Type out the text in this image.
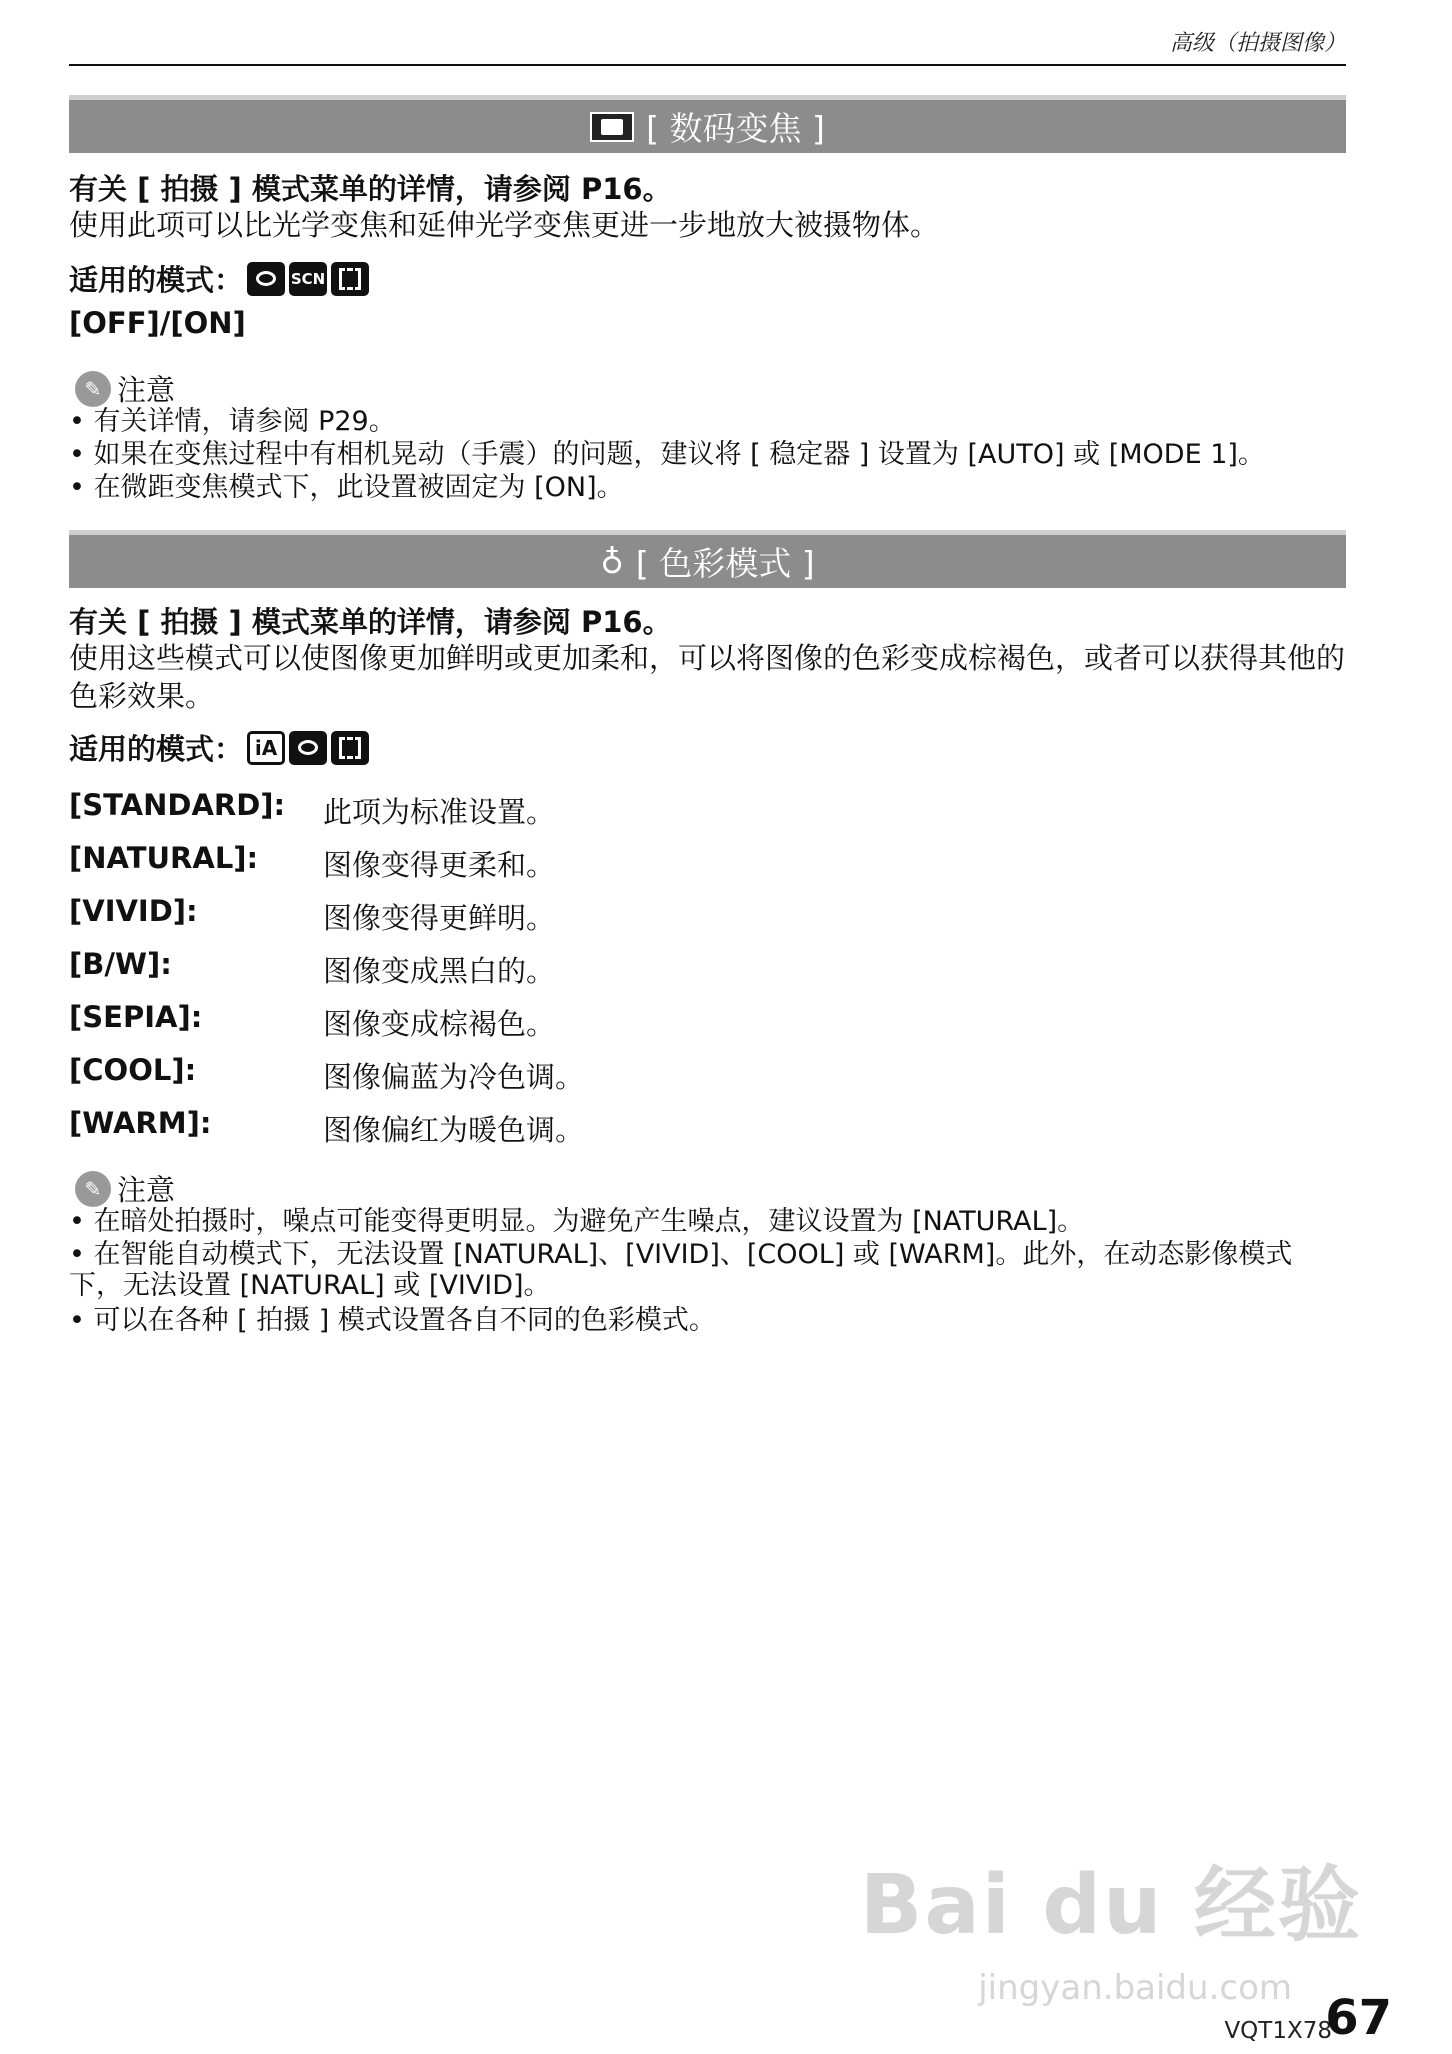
高级（拍摄图像）
[ 数码变焦 ]
有关 [ 拍摄 ] 模式菜单的详情，请参阅 P16。
使用此项可以比光学变焦和延伸光学变焦更进一步地放大被摄物体。
适用的模式：	SCN
[OFF]/[ON]
✎ 注意
• 有关详情，请参阅 P29。
• 如果在变焦过程中有相机晃动（手震）的问题，建议将 [ 稳定器 ] 设置为 [AUTO] 或 [MODE 1]。
• 在微距变焦模式下，此设置被固定为 [ON]。
♁ [ 色彩模式 ]
有关 [ 拍摄 ] 模式菜单的详情，请参阅 P16。
使用这些模式可以使图像更加鲜明或更加柔和，可以将图像的色彩变成棕褐色，或者可以获得其他的色彩效果。
适用的模式： iA
[STANDARD]: 此项为标准设置。
[NATURAL]: 图像变得更柔和。
[VIVID]:	图像变得更鲜明。
[B/W]:	图像变成黑白的。
[SEPIA]:	图像变成棕褐色。
[COOL]:	图像偏蓝为冷色调。
[WARM]:	图像偏红为暖色调。
✎ 注意
• 在暗处拍摄时，噪点可能变得更明显。为避免产生噪点，建议设置为 [NATURAL]。
• 在智能自动模式下，无法设置 [NATURAL]、[VIVID]、[COOL] 或 [WARM]。此外，在动态影像模式下，无法设置 [NATURAL] 或 [VIVID]。
• 可以在各种 [ 拍摄 ] 模式设置各自不同的色彩模式。
Bai du 经验
jingyan.baidu.com
VQT1X78
67
